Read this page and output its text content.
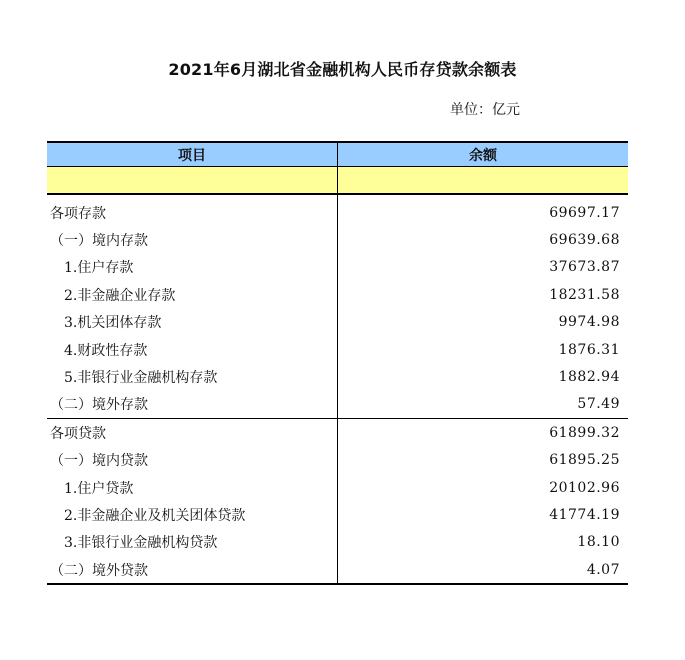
2021年6月湖北省金融机构人民币存贷款余额表
单位：亿元
项目	余额
各项存款	69697.17
（一）境内存款	69639.68
1.住户存款	37673.87
2.非金融企业存款	18231.58
3.机关团体存款	9974.98
4.财政性存款	1876.31
5.非银行业金融机构存款	1882.94
（二）境外存款	57.49
各项贷款	61899.32
（一）境内贷款	61895.25
1.住户贷款	20102.96
2.非金融企业及机关团体贷款	41774.19
3.非银行业金融机构贷款	18.10
（二）境外贷款	4.07
